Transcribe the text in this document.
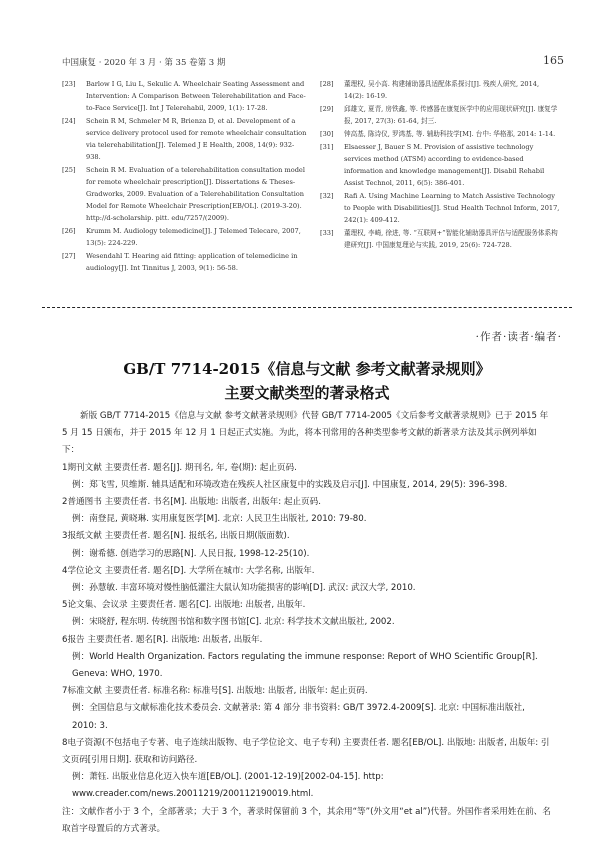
中国康复 · 2020 年 3 月 · 第 35 卷第 3 期	165
[23]	Barlow I G, Liu L, Sekulic A. Wheelchair Seating Assessment and Intervention: A Comparison Between Telerehabilitation and Face-to-Face Service[J]. Int J Telerehabil, 2009, 1(1): 17-28.
[24]	Schein R M, Schmeler M R, Brienza D, et al. Development of a service delivery protocol used for remote wheelchair consultation via telerehabilitation[J]. Telemed J E Health, 2008, 14(9): 932-938.
[25]	Schein R M. Evaluation of a telerehabilitation consultation model for remote wheelchair prescription[J]. Dissertations & Theses-Gradworks, 2009. Evaluation of a Telerehabilitation Consultation Model for Remote Wheelchair Prescription[EB/OL]. (2019-3-20). http://d-scholarship. pitt. edu/7257/(2009).
[26]	Krumm M. Audiology telemedicine[J]. J Telemed Telecare, 2007, 13(5): 224-229.
[27]	Wesendahl T. Hearing aid fitting: application of telemedicine in audiology[J]. Int Tinnitus J, 2003, 9(1): 56-58.
[28]	董理权, 吴小高. 构建辅助器具适配体系探讨[J]. 残疾人研究, 2014, 14(2): 16-19.
[29]	邱雄文, 夏青, 房铁鑫, 等. 传感器在康复医学中的应用现状研究[J]. 康复学报, 2017, 27(3): 61-64, 封三.
[30]	钟高基, 陈诗仪, 罗鸿基, 等. 辅助科技学[M]. 台中: 华格那, 2014: 1-14.
[31]	Elsaesser J, Bauer S M. Provision of assistive technology services method (ATSM) according to evidence-based information and knowledge management[J]. Disabil Rehabil Assist Technol, 2011, 6(5): 386-401.
[32]	Rafi A. Using Machine Learning to Match Assistive Technology to People with Disabilities[J]. Stud Health Technol Inform, 2017, 242(1): 409-412.
[33]	董理权, 李崎, 徐进, 等. “互联网+”智能化辅助器具评估与适配服务体系构建研究[J]. 中国康复理论与实践, 2019, 25(6): 724-728.
·作者·读者·编者·
GB/T 7714-2015《信息与文献 参考文献著录规则》
主要文献类型的著录格式

新版 GB/T 7714-2015《信息与文献 参考文献著录规则》代替 GB/T 7714-2005《文后参考文献著录规则》已于 2015 年 5 月 15 日颁布，并于 2015 年 12 月 1 日起正式实施。为此，将本刊常用的各种类型参考文献的新著录方法及其示例列举如下：

1期刊文献 主要责任者. 题名[J]. 期刊名, 年, 卷(期): 起止页码.

例：郑飞雪, 贝维斯. 辅具适配和环境改造在残疾人社区康复中的实践及启示[J]. 中国康复, 2014, 29(5): 396-398.

2普通图书 主要责任者. 书名[M]. 出版地: 出版者, 出版年: 起止页码.

例：南登昆, 黄晓琳. 实用康复医学[M]. 北京: 人民卫生出版社, 2010: 79-80.

3报纸文献 主要责任者. 题名[N]. 报纸名, 出版日期(版面数).

例：谢希德. 创造学习的思路[N]. 人民日报, 1998-12-25(10).

4学位论文 主要责任者. 题名[D]. 大学所在城市: 大学名称, 出版年.

例：孙慧敏. 丰富环境对慢性脑低灌注大鼠认知功能损害的影响[D]. 武汉: 武汉大学, 2010.

5论文集、会议录 主要责任者. 题名[C]. 出版地: 出版者, 出版年.

例：宋晓舒, 程东明. 传统图书馆和数字图书馆[C]. 北京: 科学技术文献出版社, 2002.

6报告 主要责任者. 题名[R]. 出版地: 出版者, 出版年.

例：World Health Organization. Factors regulating the immune response: Report of WHO Scientific Group[R]. Geneva: WHO, 1970.

7标准文献 主要责任者. 标准名称: 标准号[S]. 出版地: 出版者, 出版年: 起止页码.

例：全国信息与文献标准化技术委员会. 文献著录: 第 4 部分 非书资料: GB/T 3972.4-2009[S]. 北京: 中国标准出版社, 2010: 3.

8电子资源(不包括电子专著、电子连续出版物、电子学位论文、电子专利) 主要责任者. 题名[EB/OL]. 出版地: 出版者, 出版年: 引文页码[引用日期]. 获取和访问路径.

例：萧钰. 出版业信息化迈入快车道[EB/OL]. (2001-12-19)[2002-04-15]. http: www.creader.com/news.20011219/200112190019.html.

注：文献作者小于 3 个，全部著录；大于 3 个，著录时保留前 3 个，其余用“等”(外文用“et al”)代替。外国作者采用姓在前、名取首字母置后的方式著录。
